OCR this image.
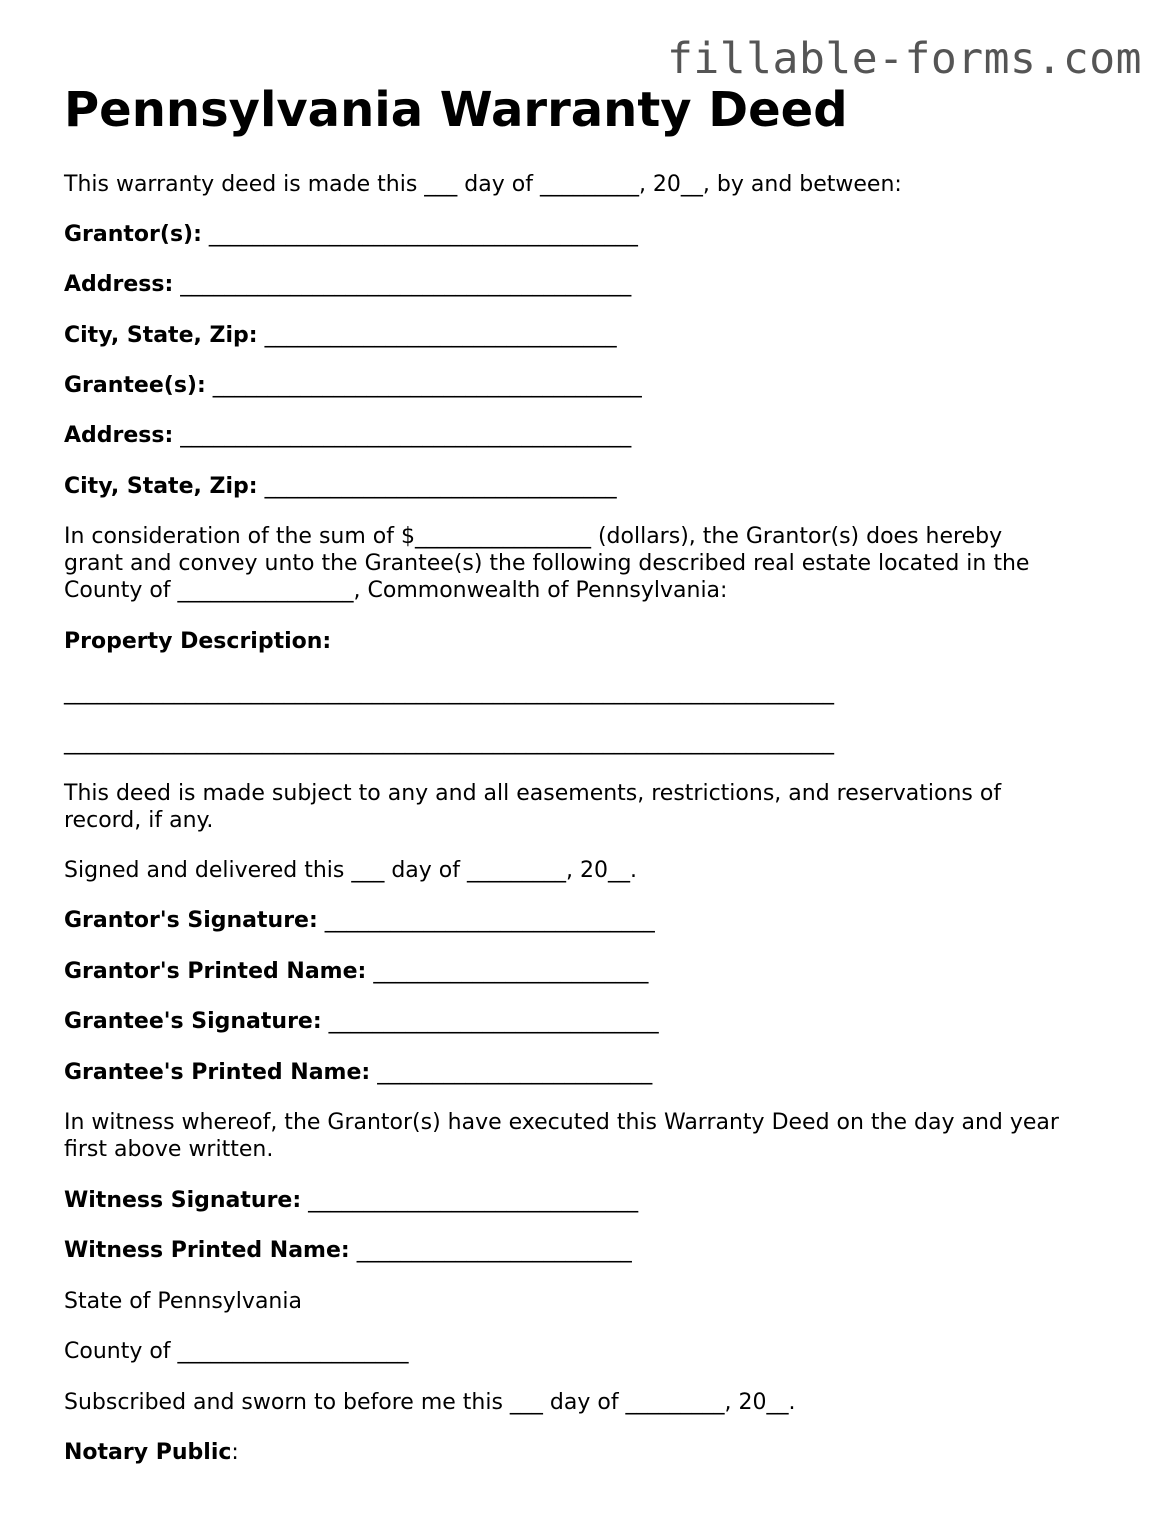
fillable-forms.com
Pennsylvania Warranty Deed

This warranty deed is made this ___ day of _________, 20__, by and between:

Grantor(s): _______________________________________

Address: _________________________________________

City, State, Zip: ________________________________

Grantee(s): _______________________________________

Address: _________________________________________

City, State, Zip: ________________________________

In consideration of the sum of $________________ (dollars), the Grantor(s) does hereby
grant and convey unto the Grantee(s) the following described real estate located in the
County of ________________, Commonwealth of Pennsylvania:

Property Description:

______________________________________________________________________

______________________________________________________________________

This deed is made subject to any and all easements, restrictions, and reservations of
record, if any.

Signed and delivered this ___ day of _________, 20__.

Grantor's Signature: ______________________________

Grantor's Printed Name: _________________________

Grantee's Signature: ______________________________

Grantee's Printed Name: _________________________

In witness whereof, the Grantor(s) have executed this Warranty Deed on the day and year
first above written.

Witness Signature: ______________________________

Witness Printed Name: _________________________

State of Pennsylvania

County of _____________________

Subscribed and sworn to before me this ___ day of _________, 20__.

Notary Public:
